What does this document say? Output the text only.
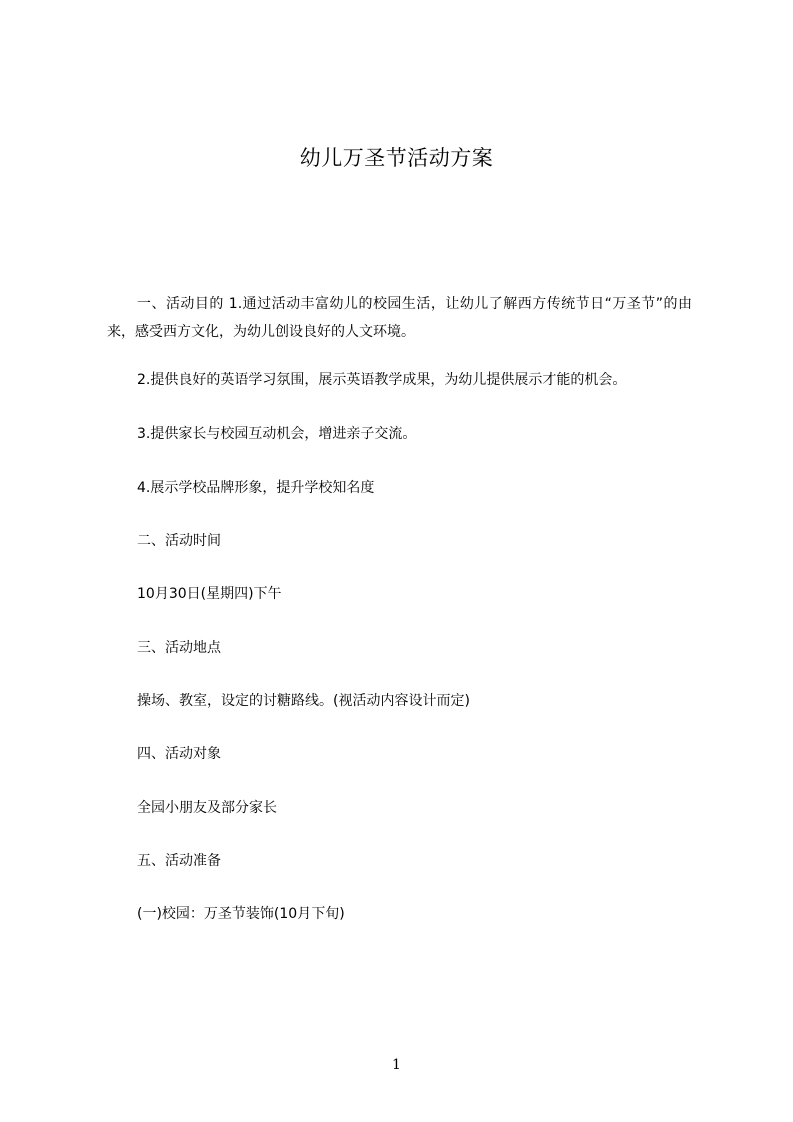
幼儿万圣节活动方案
一、活动目的 1.通过活动丰富幼儿的校园生活，让幼儿了解西方传统节日“万圣节”的由来，感受西方文化，为幼儿创设良好的人文环境。
2.提供良好的英语学习氛围，展示英语教学成果，为幼儿提供展示才能的机会。
3.提供家长与校园互动机会，增进亲子交流。
4.展示学校品牌形象，提升学校知名度
二、活动时间
10月30日(星期四)下午
三、活动地点
操场、教室，设定的讨糖路线。(视活动内容设计而定)
四、活动对象
全园小朋友及部分家长
五、活动准备
(一)校园：万圣节装饰(10月下旬)
1
